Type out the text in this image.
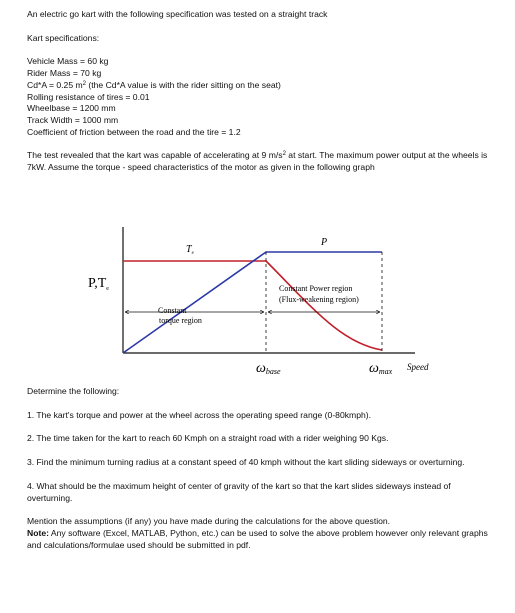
An electric go kart with the following specification was tested on a straight track

Kart specifications:

Vehicle Mass = 60 kg

Rider Mass = 70 kg

Cd*A = 0.25 $m^2$ (the Cd*A value is with the rider sitting on the seat)

Rolling resistance of tires = 0.01

Wheelbase = 1200 mm

Track Width = 1000 mm

Coefficient of friction between the road and the tire = 1.2

The test revealed that the kart was capable of accelerating at 9 $m/s^2$ at start. The maximum power output at the wheels is 7kW. Assume the torque - speed characteristics of the motor as given in the following graph

$P,T_e$
$T_e$
P
Constant
torque region
Constant Power region
(Flux-weakening region)
ωbase	ωmax Speed

Determine the following:

1. The kart's torque and power at the wheel across the operating speed range (0-80kmph).

2. The time taken for the kart to reach 60 Kmph on a straight road with a rider weighing 90 Kgs.

3. Find the minimum turning radius at a constant speed of 40 kmph without the kart sliding sideways or overturning.

4. What should be the maximum height of center of gravity of the kart so that the kart slides sideways instead of overturning.

Mention the assumptions (if any) you have made during the calculations for the above question.

Note: Any software (Excel, MATLAB, Python, etc.) can be used to solve the above problem however only relevant graphs and calculations/formulae used should be submitted in pdf.
